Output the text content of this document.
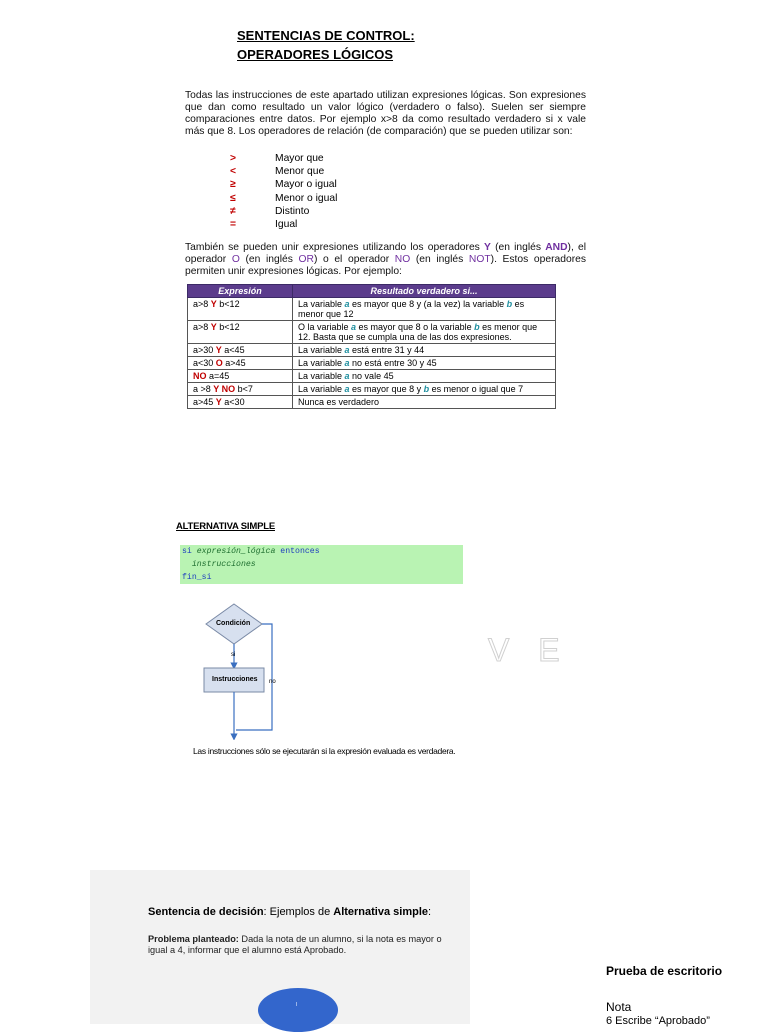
SENTENCIAS DE CONTROL:
OPERADORES LÓGICOS
Todas las instrucciones de este apartado utilizan expresiones lógicas. Son expresiones que dan como resultado un valor lógico (verdadero o falso). Suelen ser siempre comparaciones entre datos. Por ejemplo x>8 da como resultado verdadero si x vale más que 8. Los operadores de relación (de comparación) que se pueden utilizar son:
>	Mayor que
<	Menor que
≥	Mayor o igual
≤	Menor o igual
≠	Distinto
=	Igual
También se pueden unir expresiones utilizando los operadores Y (en inglés AND), el operador O (en inglés OR) o el operador NO (en inglés NOT). Estos operadores permiten unir expresiones lógicas. Por ejemplo:
Expresión	Resultado verdadero si...
a>8 Y b<12	La variable a es mayor que 8 y (a la vez) la variable b es menor que 12
a>8 Y b<12	O la variable a es mayor que 8 o la variable b es menor que 12. Basta que se cumpla una de las dos expresiones.
a>30 Y a<45	La variable a está entre 31 y 44
a<30 O a>45	La variable a no está entre 30 y 45
NO a=45	La variable a no vale 45
a >8 Y NO b<7	La variable a es mayor que 8 y b es menor o igual que 7
a>45 Y a<30	Nunca es verdadero
ALTERNATIVA SIMPLE
si expresión_lógica entonces
instrucciones
fin_si
Condición
si
Instrucciones no
V E
Las instrucciones sólo se ejecutarán si la expresión evaluada es verdadera.
Sentencia de decisión: Ejemplos de Alternativa simple:
Problema planteado: Dada la nota de un alumno, si la nota es mayor o igual a 4, informar que el alumno está Aprobado.
I
Prueba de escritorio
Nota
6 Escribe “Aprobado”
